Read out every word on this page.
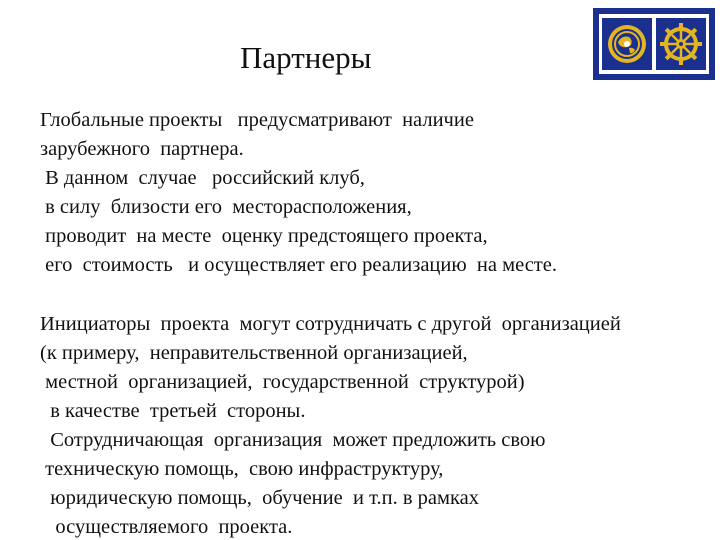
Партнеры
Глобальные проекты   предусматривают  наличие
зарубежного  партнера.
В данном  случае   российский клуб,
в силу  близости его  месторасположения,
проводит  на месте  оценку предстоящего проекта,
его  стоимость   и осуществляет его реализацию  на месте.
Инициаторы  проекта  могут сотрудничать с другой  организацией
(к примеру,  неправительственной организацией,
местной  организацией,  государственной  структурой)
в качестве  третьей  стороны.
Сотрудничающая  организация  может предложить свою
техническую помощь,  свою инфраструктуру,
юридическую помощь,  обучение  и т.п. в рамках
осуществляемого  проекта.
